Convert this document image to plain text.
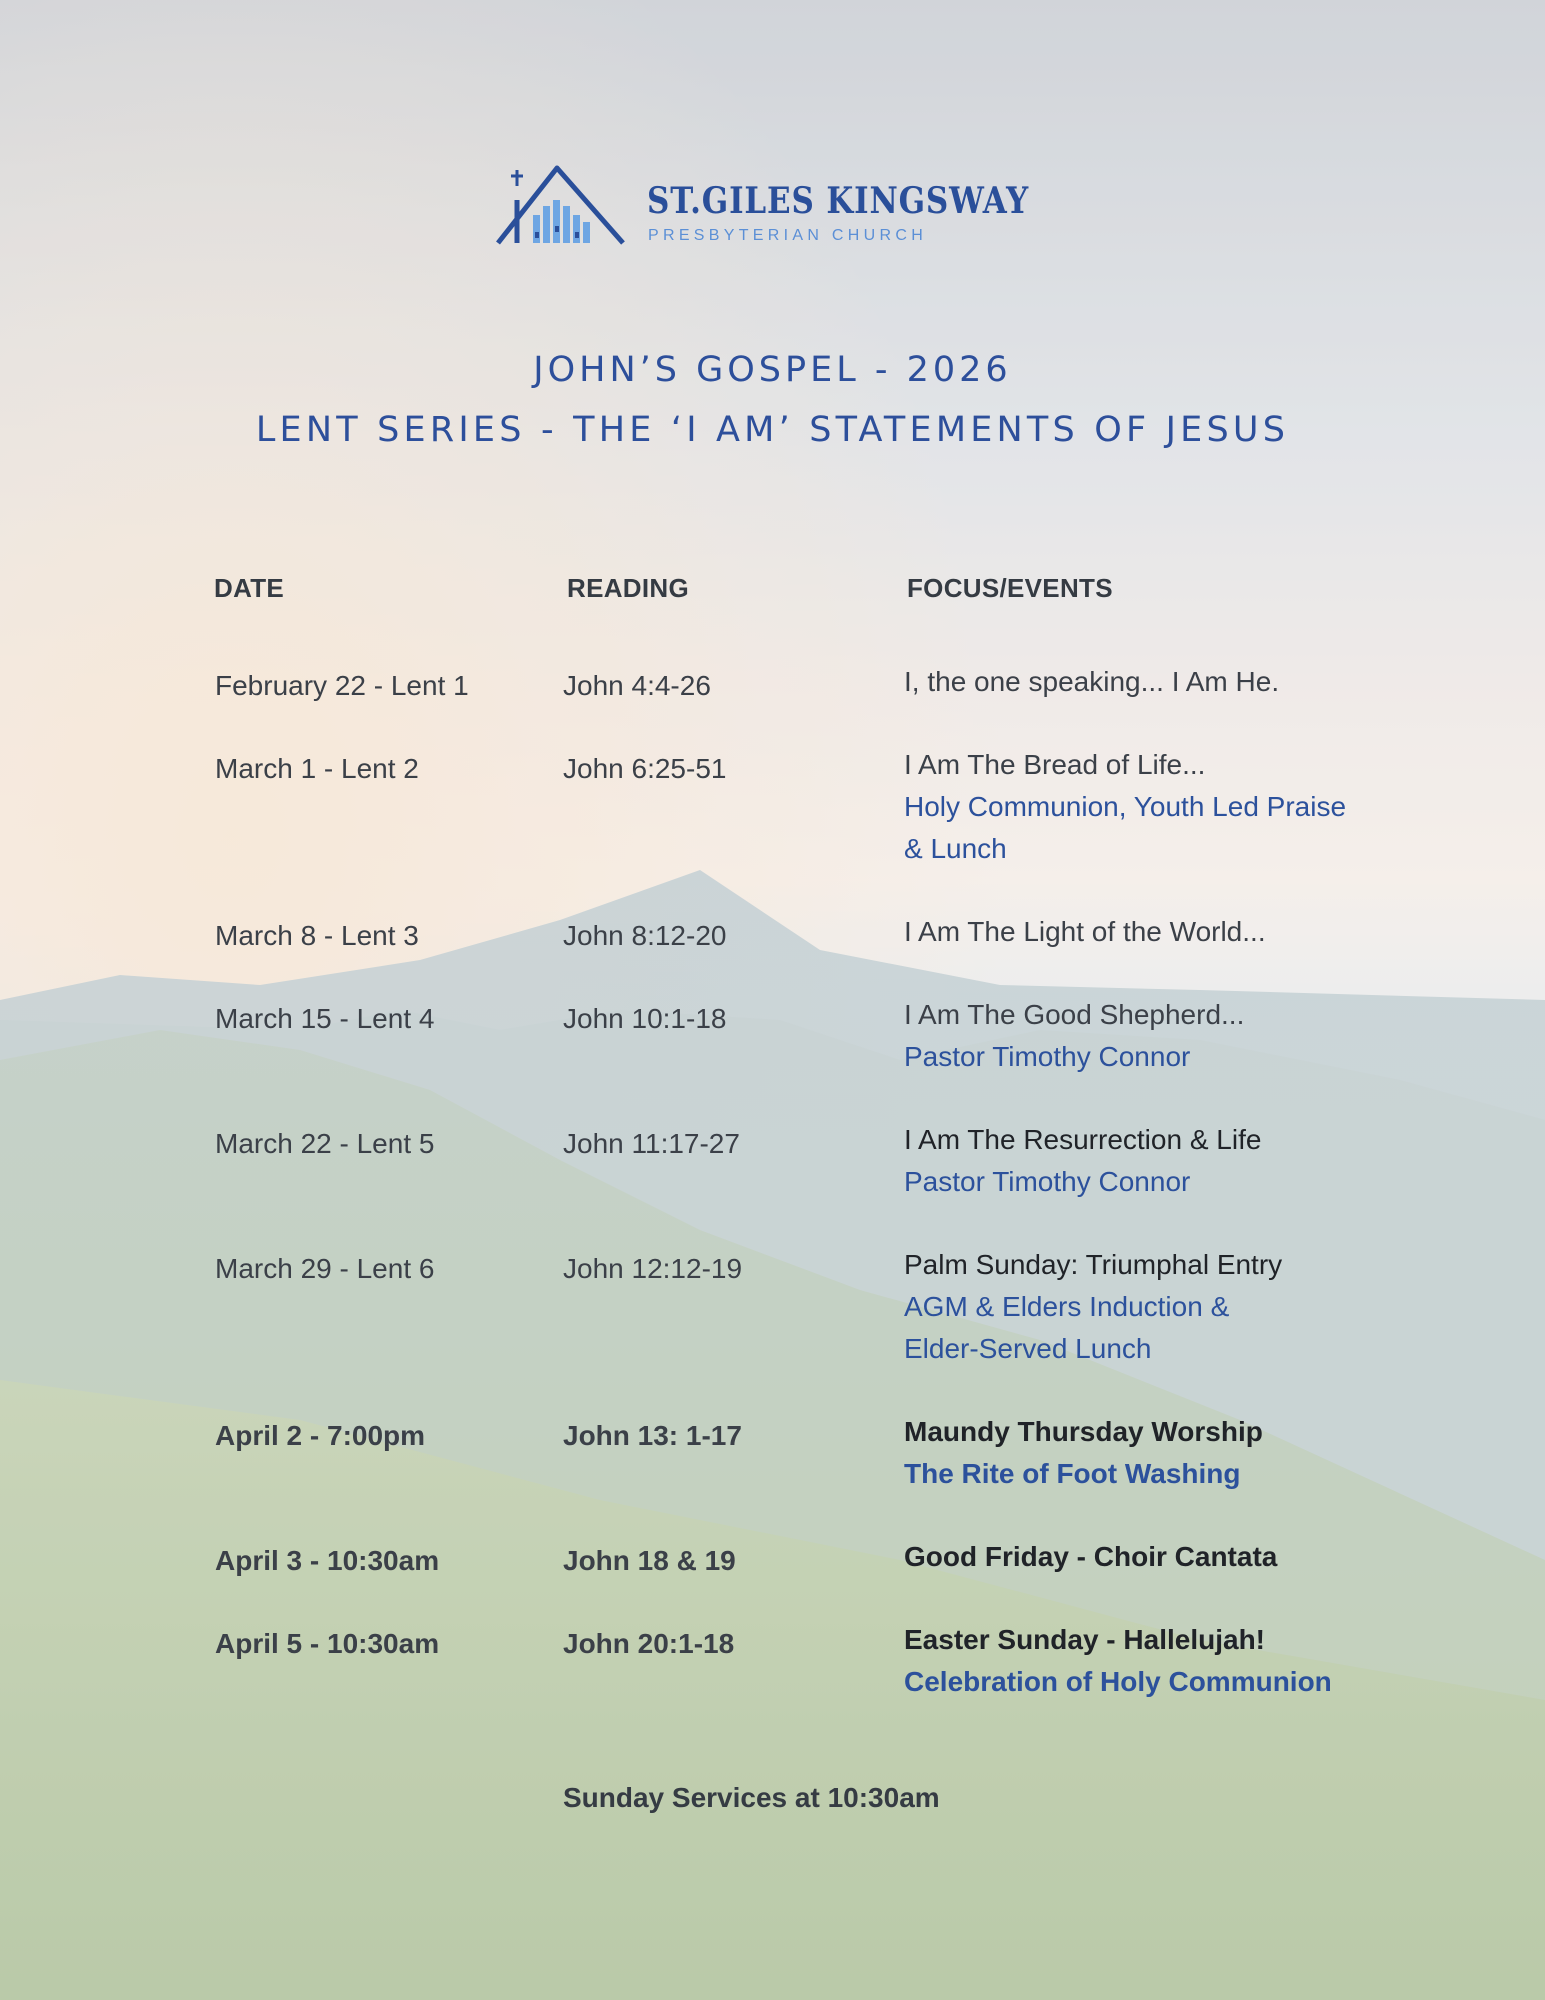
ST.GILES KINGSWAY
PRESBYTERIAN CHURCH
JOHN’S GOSPEL - 2026
LENT SERIES - THE ‘I AM’ STATEMENTS OF JESUS
DATE	READING	FOCUS/EVENTS
February 22 - Lent 1	John 4:4-26	I, the one speaking... I Am He.
March 1 - Lent 2	John 6:25-51	I Am The Bread of Life...
Holy Communion, Youth Led Praise
& Lunch
March 8 - Lent 3	John 8:12-20	I Am The Light of the World...
March 15 - Lent 4	John 10:1-18	I Am The Good Shepherd...
Pastor Timothy Connor
March 22 - Lent 5	John 11:17-27	I Am The Resurrection & Life
Pastor Timothy Connor
March 29 - Lent 6	John 12:12-19	Palm Sunday: Triumphal Entry
AGM & Elders Induction &
Elder-Served Lunch
April 2 - 7:00pm	John 13: 1-17	Maundy Thursday Worship
The Rite of Foot Washing
April 3 - 10:30am	John 18 & 19	Good Friday - Choir Cantata
April 5 - 10:30am	John 20:1-18	Easter Sunday - Hallelujah!
Celebration of Holy Communion
Sunday Services at 10:30am
